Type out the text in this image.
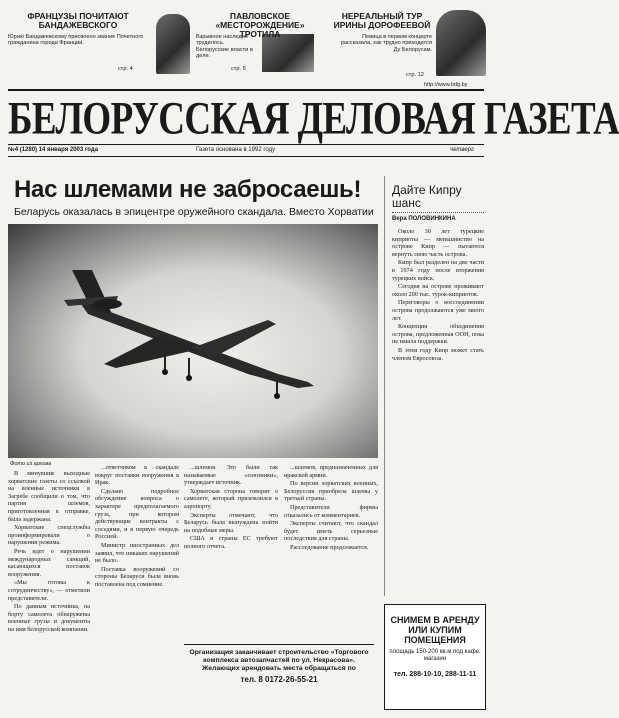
ФРАНЦУЗЫ ПОЧИТАЮТ БАНДАЖЕВСКОГО
Юрию Бандажевскому присвоено звание Почетного гражданина города Франции.
стр. 4
ПАВЛОВСКОЕ «МЕСТОРОЖДЕНИЕ» ТРОТИЛА
Взрывное наследие трудилось. Белорусские власти в деле.
стр. 5
НЕРЕАЛЬНЫЙ ТУР ИРИНЫ ДОРОФЕЕВОЙ
Певица в первом концерте рассказала, как трудно приходится Ду Белорусам.
стр. 12
http://www.bdg.by
БЕЛОРУССКАЯ ДЕЛОВАЯ ГАЗЕТА
№4 (1280) 14 января 2003 года	Газета основана в 1992 году	четверг
Нас шлемами не забросаешь!
Беларусь оказалась в эпицентре оружейного скандала. Вместо Хорватии
Фото из архива

В минувшие выходные хорватские газеты со ссылкой на военные источники в Загребе сообщили о том, что партия шлемов, приготовленная к отправке, была задержана.

Хорватские спецслужбы проинформировали о нарушении режима.

Речь идет о нарушении международных санкций, касающихся поставок вооружения.

«Мы готовы к сотрудничеству», — отметили представители.

По данным источника, на борту самолета обнаружены военные грузы и документы на имя белорусской компании.

...ответчиком в скандале вокруг поставки вооружения в Ирак.

Сделано подробное обсуждение вопроса о характере предполагаемого груза, при котором действующие контракты с соседями, и в первую очередь Россией.

Министр иностранных дел заявил, что никаких нарушений не было.

Поставка вооружений со стороны Беларуси была вновь поставлена под сомнение.

...шлемов. Это были так называемые «союзники», утверждает источник.

Хорватская сторона говорит о самолете, который приземлился в аэропорту.

Эксперты отмечают, что Беларусь была вынуждена пойти на подобные меры.

США и страны ЕС требуют полного отчета.

...шлемов, предназначенных для иракской армии.

По версии хорватских военных, Белоруссия приобрела шлемы у третьей страны.

Представители фирмы отказались от комментариев.

Эксперты считают, что скандал будет иметь серьезные последствия для страны.

Расследование продолжается.

Организация заканчивает строительство «Торгового комплекса автозапчастей по ул. Некрасова». Желающих арендовать места обращаться по
тел. 8 0172-26-55-21
Дайте Кипру шанс
Вера ПОЛОВИНКИНА

Около 30 лет турецкие киприоты — меньшинство на острове Кипр — пытаются вернуть свою часть острова.

Кипр был разделен на две части в 1974 году после вторжения турецких войск.

Сегодня на острове проживают около 200 тыс. турок-киприотов.

Переговоры о воссоединении острова продолжаются уже много лет.

Концепция объединения острова, предложенная ООН, пока не нашла поддержки.

В этом году Кипр может стать членом Евросоюза.

СНИМЕМ В АРЕНДУ ИЛИ КУПИМ ПОМЕЩЕНИЯ
площадь 150-200 кв.м под кафе, магазин
тел. 288-10-10, 288-11-11
